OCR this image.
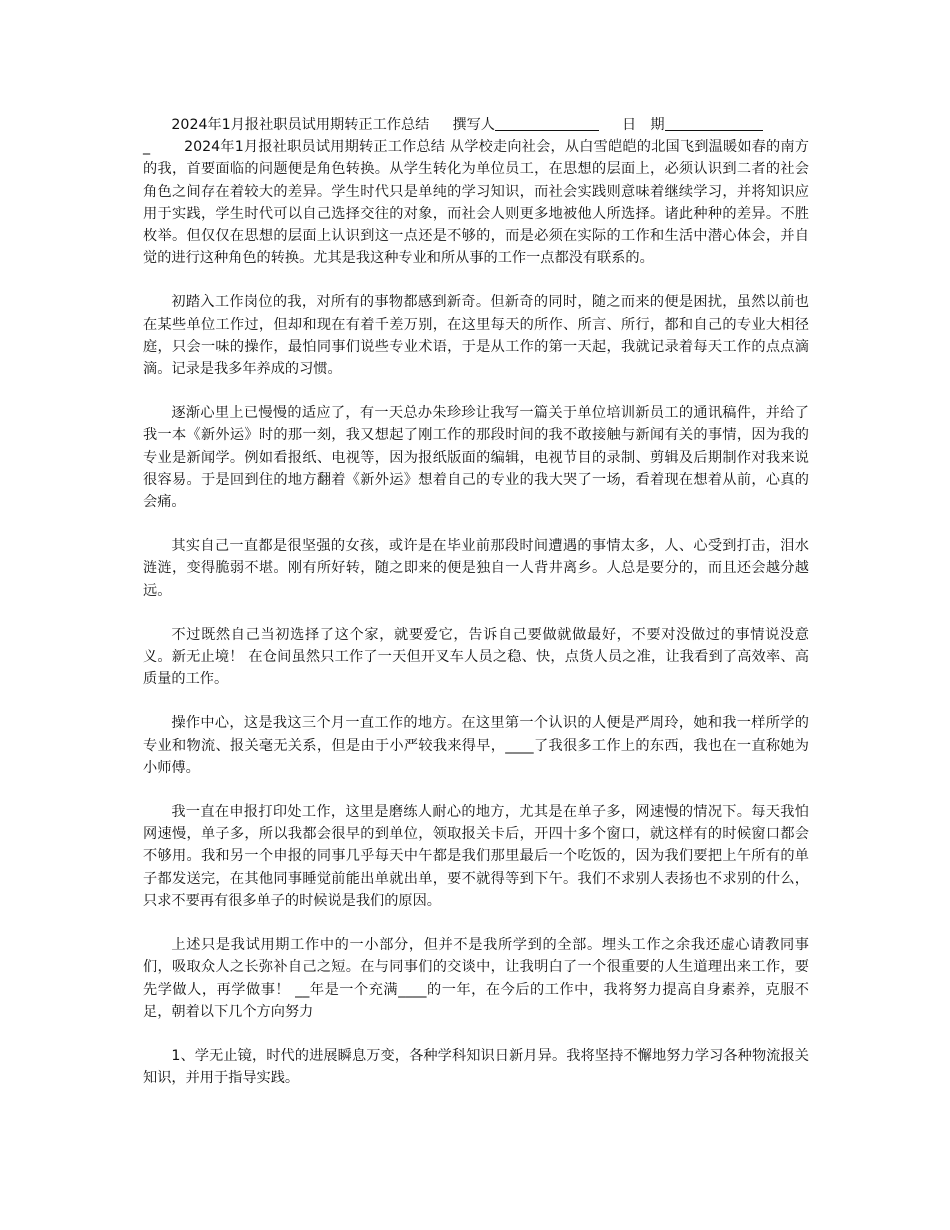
2024年1月报社职员试用期转正工作总结 撰写人	日　期

_ 2024年1月报社职员试用期转正工作总结 从学校走向社会，从白雪皑皑的北国飞到温暖如春的南方的我，首要面临的问题便是角色转换。从学生转化为单位员工，在思想的层面上，必须认识到二者的社会角色之间存在着较大的差异。学生时代只是单纯的学习知识，而社会实践则意味着继续学习，并将知识应用于实践，学生时代可以自己选择交往的对象，而社会人则更多地被他人所选择。诸此种种的差异。不胜枚举。但仅仅在思想的层面上认识到这一点还是不够的，而是必须在实际的工作和生活中潜心体会，并自觉的进行这种角色的转换。尤其是我这种专业和所从事的工作一点都没有联系的。

初踏入工作岗位的我，对所有的事物都感到新奇。但新奇的同时，随之而来的便是困扰，虽然以前也在某些单位工作过，但却和现在有着千差万别，在这里每天的所作、所言、所行，都和自己的专业大相径庭，只会一味的操作，最怕同事们说些专业术语，于是从工作的第一天起，我就记录着每天工作的点点滴滴。记录是我多年养成的习惯。

逐渐心里上已慢慢的适应了，有一天总办朱珍珍让我写一篇关于单位培训新员工的通讯稿件，并给了我一本《新外运》时的那一刻，我又想起了刚工作的那段时间的我不敢接触与新闻有关的事情，因为我的专业是新闻学。例如看报纸、电视等，因为报纸版面的编辑，电视节目的录制、剪辑及后期制作对我来说很容易。于是回到住的地方翻着《新外运》想着自己的专业的我大哭了一场，看着现在想着从前，心真的会痛。

其实自己一直都是很坚强的女孩，或许是在毕业前那段时间遭遇的事情太多，人、心受到打击，泪水涟涟，变得脆弱不堪。刚有所好转，随之即来的便是独自一人背井离乡。人总是要分的，而且还会越分越远。

不过既然自己当初选择了这个家，就要爱它，告诉自己要做就做最好，不要对没做过的事情说没意义。新无止境！ 在仓间虽然只工作了一天但开叉车人员之稳、快，点货人员之准，让我看到了高效率、高质量的工作。

操作中心，这是我这三个月一直工作的地方。在这里第一个认识的人便是严周玲，她和我一样所学的专业和物流、报关毫无关系，但是由于小严较我来得早，____了我很多工作上的东西，我也在一直称她为小师傅。

我一直在申报打印处工作，这里是磨练人耐心的地方，尤其是在单子多，网速慢的情况下。每天我怕网速慢，单子多，所以我都会很早的到单位，领取报关卡后，开四十多个窗口，就这样有的时候窗口都会不够用。我和另一个申报的同事几乎每天中午都是我们那里最后一个吃饭的，因为我们要把上午所有的单子都发送完，在其他同事睡觉前能出单就出单，要不就得等到下午。我们不求别人表扬也不求别的什么，只求不要再有很多单子的时候说是我们的原因。

上述只是我试用期工作中的一小部分，但并不是我所学到的全部。埋头工作之余我还虚心请教同事们，吸取众人之长弥补自己之短。在与同事们的交谈中，让我明白了一个很重要的人生道理出来工作，要先学做人，再学做事！ __年是一个充满____的一年，在今后的工作中，我将努力提高自身素养，克服不足，朝着以下几个方向努力

1、学无止镜，时代的进展瞬息万变，各种学科知识日新月异。我将坚持不懈地努力学习各种物流报关知识，并用于指导实践。
